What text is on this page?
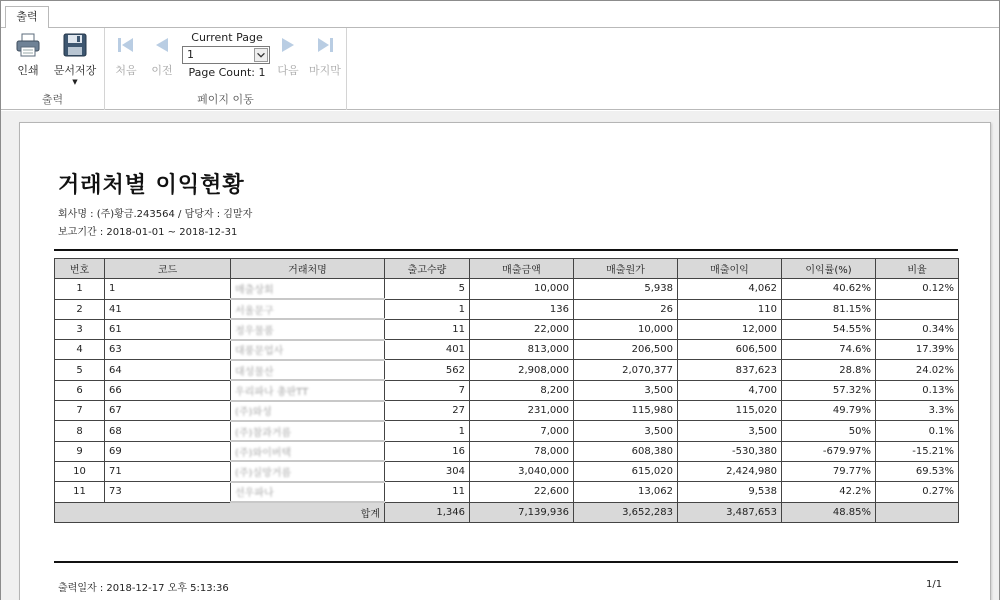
출력
인쇄	문서저장
▼
출력
처음	이전
Current Page
1
Page Count: 1	다음 마지막
페이지 이동
거래처별 이익현황
회사명 : (주)황금.243564 / 담당자 : 김말자
보고기간 : 2018-01-01 ~ 2018-12-31
번호	코드	거래처명	출고수량	매출금액	매출원가	매출이익	이익률(%)	비율
1	1	매출상회	5	10,000	5,938	4,062	40.62%	0.12%
2	41	서울문구	1	136	26	110	81.15%	
3	61	정우물품	11	22,000	10,000	12,000	54.55%	0.34%
4	63	대풍문업사	401	813,000	206,500	606,500	74.6%	17.39%
5	64	대성물산	562	2,908,000	2,070,377	837,623	28.8%	24.02%
6	66	우리파나 총판TT	7	8,200	3,500	4,700	57.32%	0.13%
7	67	(주)와성	27	231,000	115,980	115,020	49.79%	3.3%
8	68	(주)참과거름	1	7,000	3,500	3,500	50%	0.1%
9	69	(주)와이버택	16	78,000	608,380	-530,380	-679.97%	-15.21%
10	71	(주)실망거름	304	3,040,000	615,020	2,424,980	79.77%	69.53%
11	73	선우파나	11	22,600	13,062	9,538	42.2%	0.27%
합계			1,346	7,139,936	3,652,283	3,487,653	48.85%	
출력일자 : 2018-12-17 오후 5:13:36	1/1
